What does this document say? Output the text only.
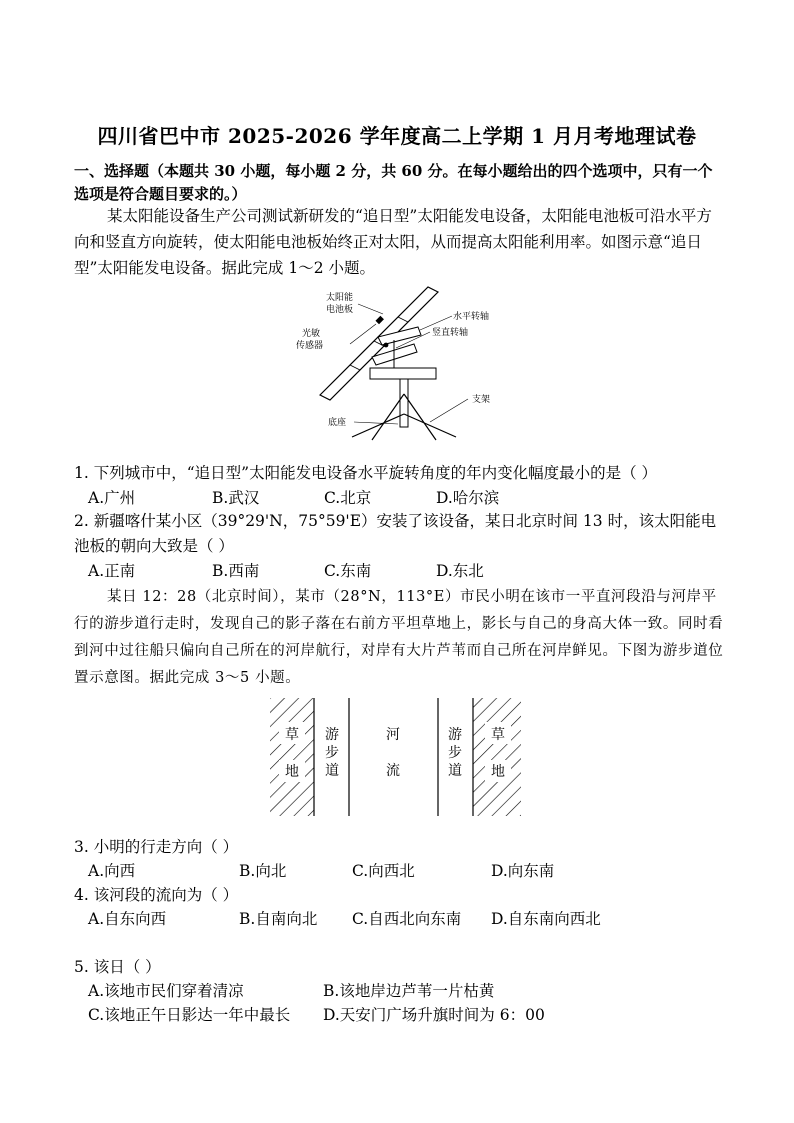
四川省巴中市 2025-2026 学年度高二上学期 1 月月考地理试卷
一、选择题（本题共 30 小题，每小题 2 分，共 60 分。在每小题给出的四个选项中，只有一个选项是符合题目要求的。）
某太阳能设备生产公司测试新研发的“追日型”太阳能发电设备，太阳能电池板可沿水平方向和竖直方向旋转，使太阳能电池板始终正对太阳，从而提高太阳能利用率。如图示意“追日型”太阳能发电设备。据此完成 1～2 小题。
太阳能
电池板
光敏
传感器
水平转轴
竖直转轴
支架
底座
1. 下列城市中，“追日型”太阳能发电设备水平旋转角度的年内变化幅度最小的是（ ）
A.广州	B.武汉	C.北京	D.哈尔滨
2. 新疆喀什某小区（39°29'N，75°59'E）安装了该设备，某日北京时间 13 时，该太阳能电池板的朝向大致是（ ）
A.正南	B.西南	C.东南	D.东北
某日 12：28（北京时间），某市（28°N，113°E）市民小明在该市一平直河段沿与河岸平行的游步道行走时，发现自己的影子落在右前方平坦草地上，影长与自己的身高大体一致。同时看到河中过往船只偏向自己所在的河岸航行，对岸有大片芦苇而自己所在河岸鲜见。下图为游步道位置示意图。据此完成 3～5 小题。
草
地
游
步
道
河
流
游
步
道
草
地
3. 小明的行走方向（ ）
A.向西	B.向北	C.向西北	D.向东南
4. 该河段的流向为（ ）
A.自东向西	B.自南向北 C.自西北向东南 D.自东南向西北
5. 该日（ ）
A.该地市民们穿着清凉	B.该地岸边芦苇一片枯黄
C.该地正午日影达一年中最长 D.天安门广场升旗时间为 6：00
